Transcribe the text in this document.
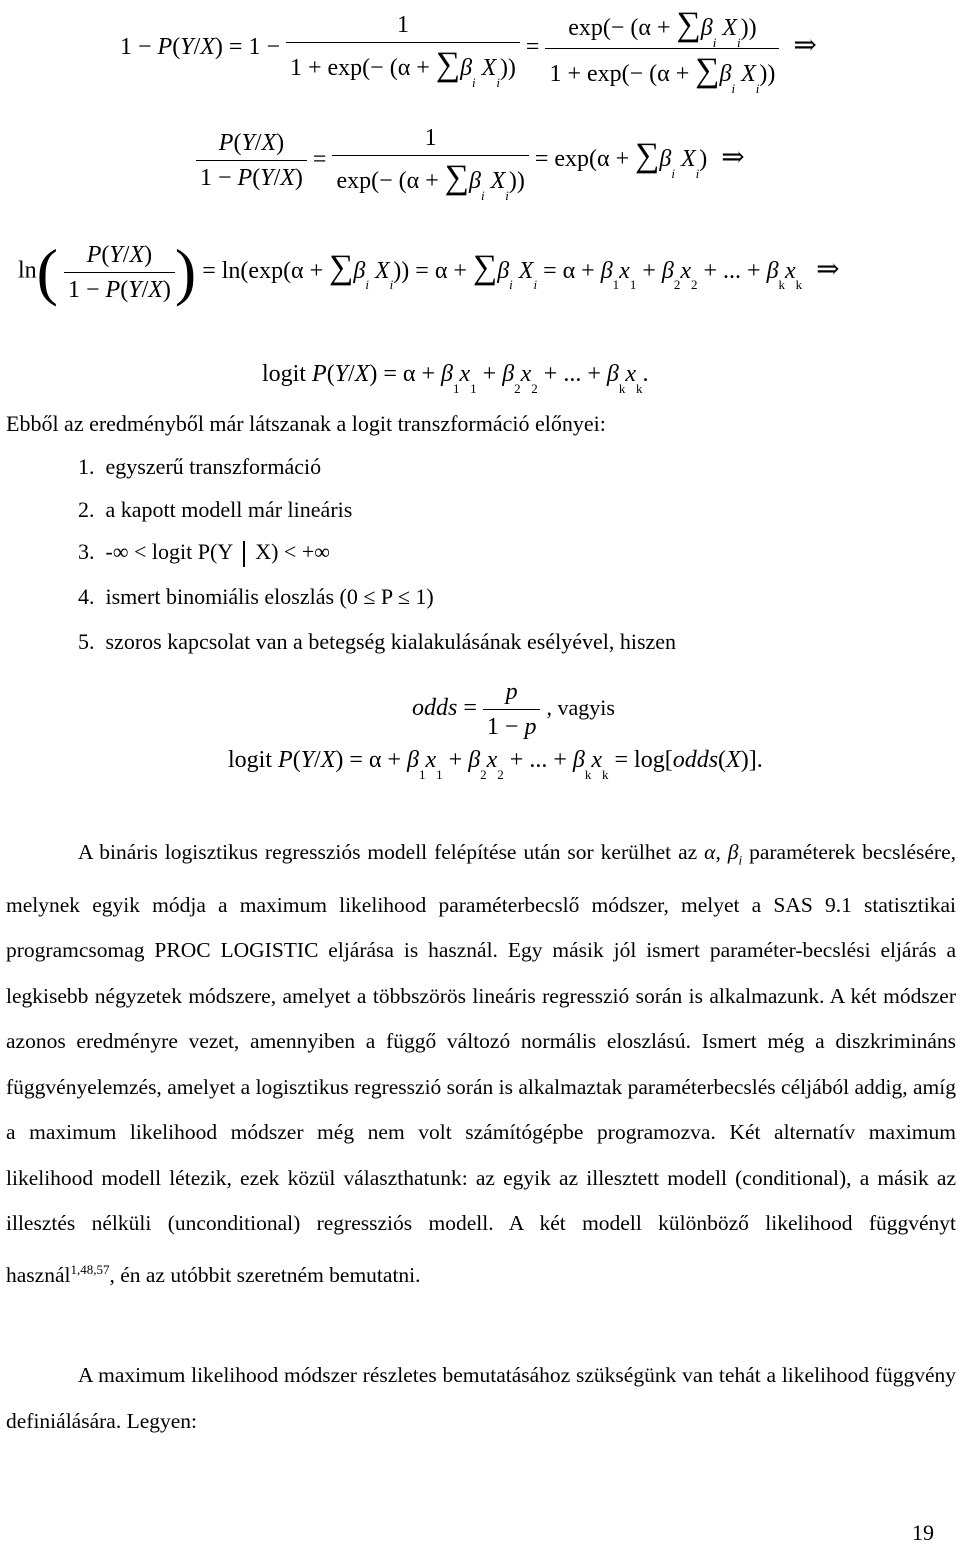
$1 - P(Y/X) = 1 - \frac{1}{1 + \exp(- (\alpha + \sum\beta_i X_i))} = \frac{\exp(- (\alpha + \sum\beta_i X_i))}{1 + \exp(- (\alpha + \sum\beta_i X_i))}$ ⇒
$\frac{P(Y/X)}{1 - P(Y/X)} = \frac{1}{\exp(- (\alpha + \sum\beta_i X_i))} = \exp(\alpha + \sum\beta_i$ $X_i$) ⇒
$\ln( \frac{P(Y/X)}{1 - P(Y/X)}$ ) = $\ln(\exp(\alpha + \sum\beta_i$ $X_i)) = \alpha + \sum\beta_i$ $X_i = \alpha + \beta_1x_1 + \beta_2x_2$ + ... + $\beta_kx_k$ ⇒
logit $P(Y/X) = \alpha + \beta_1x_1 + \beta_2x_2$ + ... + $\beta_kx_k$.
Ebből az eredményből már látszanak a logit transzformáció előnyei:
1. egyszerű transzformáció
2. a kapott modell már lineáris
3. -∞ < logit P(Y X) < +∞
4. ismert binomiális eloszlás (0 ≤ P ≤ 1)
5. szoros kapcsolat van a betegség kialakulásának esélyével, hiszen
odds = $\frac{p}{1 - p}$ , vagyis
logit $P(Y/X) = \alpha + \beta_1x_1 + \beta_2x_2$ + ... + $\beta_kx_k$ = log[odds(X)].
A bináris logisztikus regressziós modell felépítése után sor kerülhet az α, $\beta_i$ paraméterek becslésére, melynek egyik módja a maximum likelihood paraméterbecslő módszer, melyet a SAS 9.1 statisztikai programcsomag PROC LOGISTIC eljárása is használ. Egy másik jól ismert paraméter-becslési eljárás a legkisebb négyzetek módszere, amelyet a többszörös lineáris regresszió során is alkalmazunk. A két módszer azonos eredményre vezet, amennyiben a függő változó normális eloszlású. Ismert még a diszkrimináns függvényelemzés, amelyet a logisztikus regresszió során is alkalmaztak paraméterbecslés céljából addig, amíg a maximum likelihood módszer még nem volt számítógépbe programozva. Két alternatív maximum likelihood modell létezik, ezek közül választhatunk: az egyik az illesztett modell (conditional), a másik az illesztés nélküli (unconditional) regressziós modell. A két modell különböző likelihood függvényt használ$^{1,48,57}$, én az utóbbit szeretném bemutatni.
A maximum likelihood módszer részletes bemutatásához szükségünk van tehát a likelihood függvény definiálására. Legyen:
19
